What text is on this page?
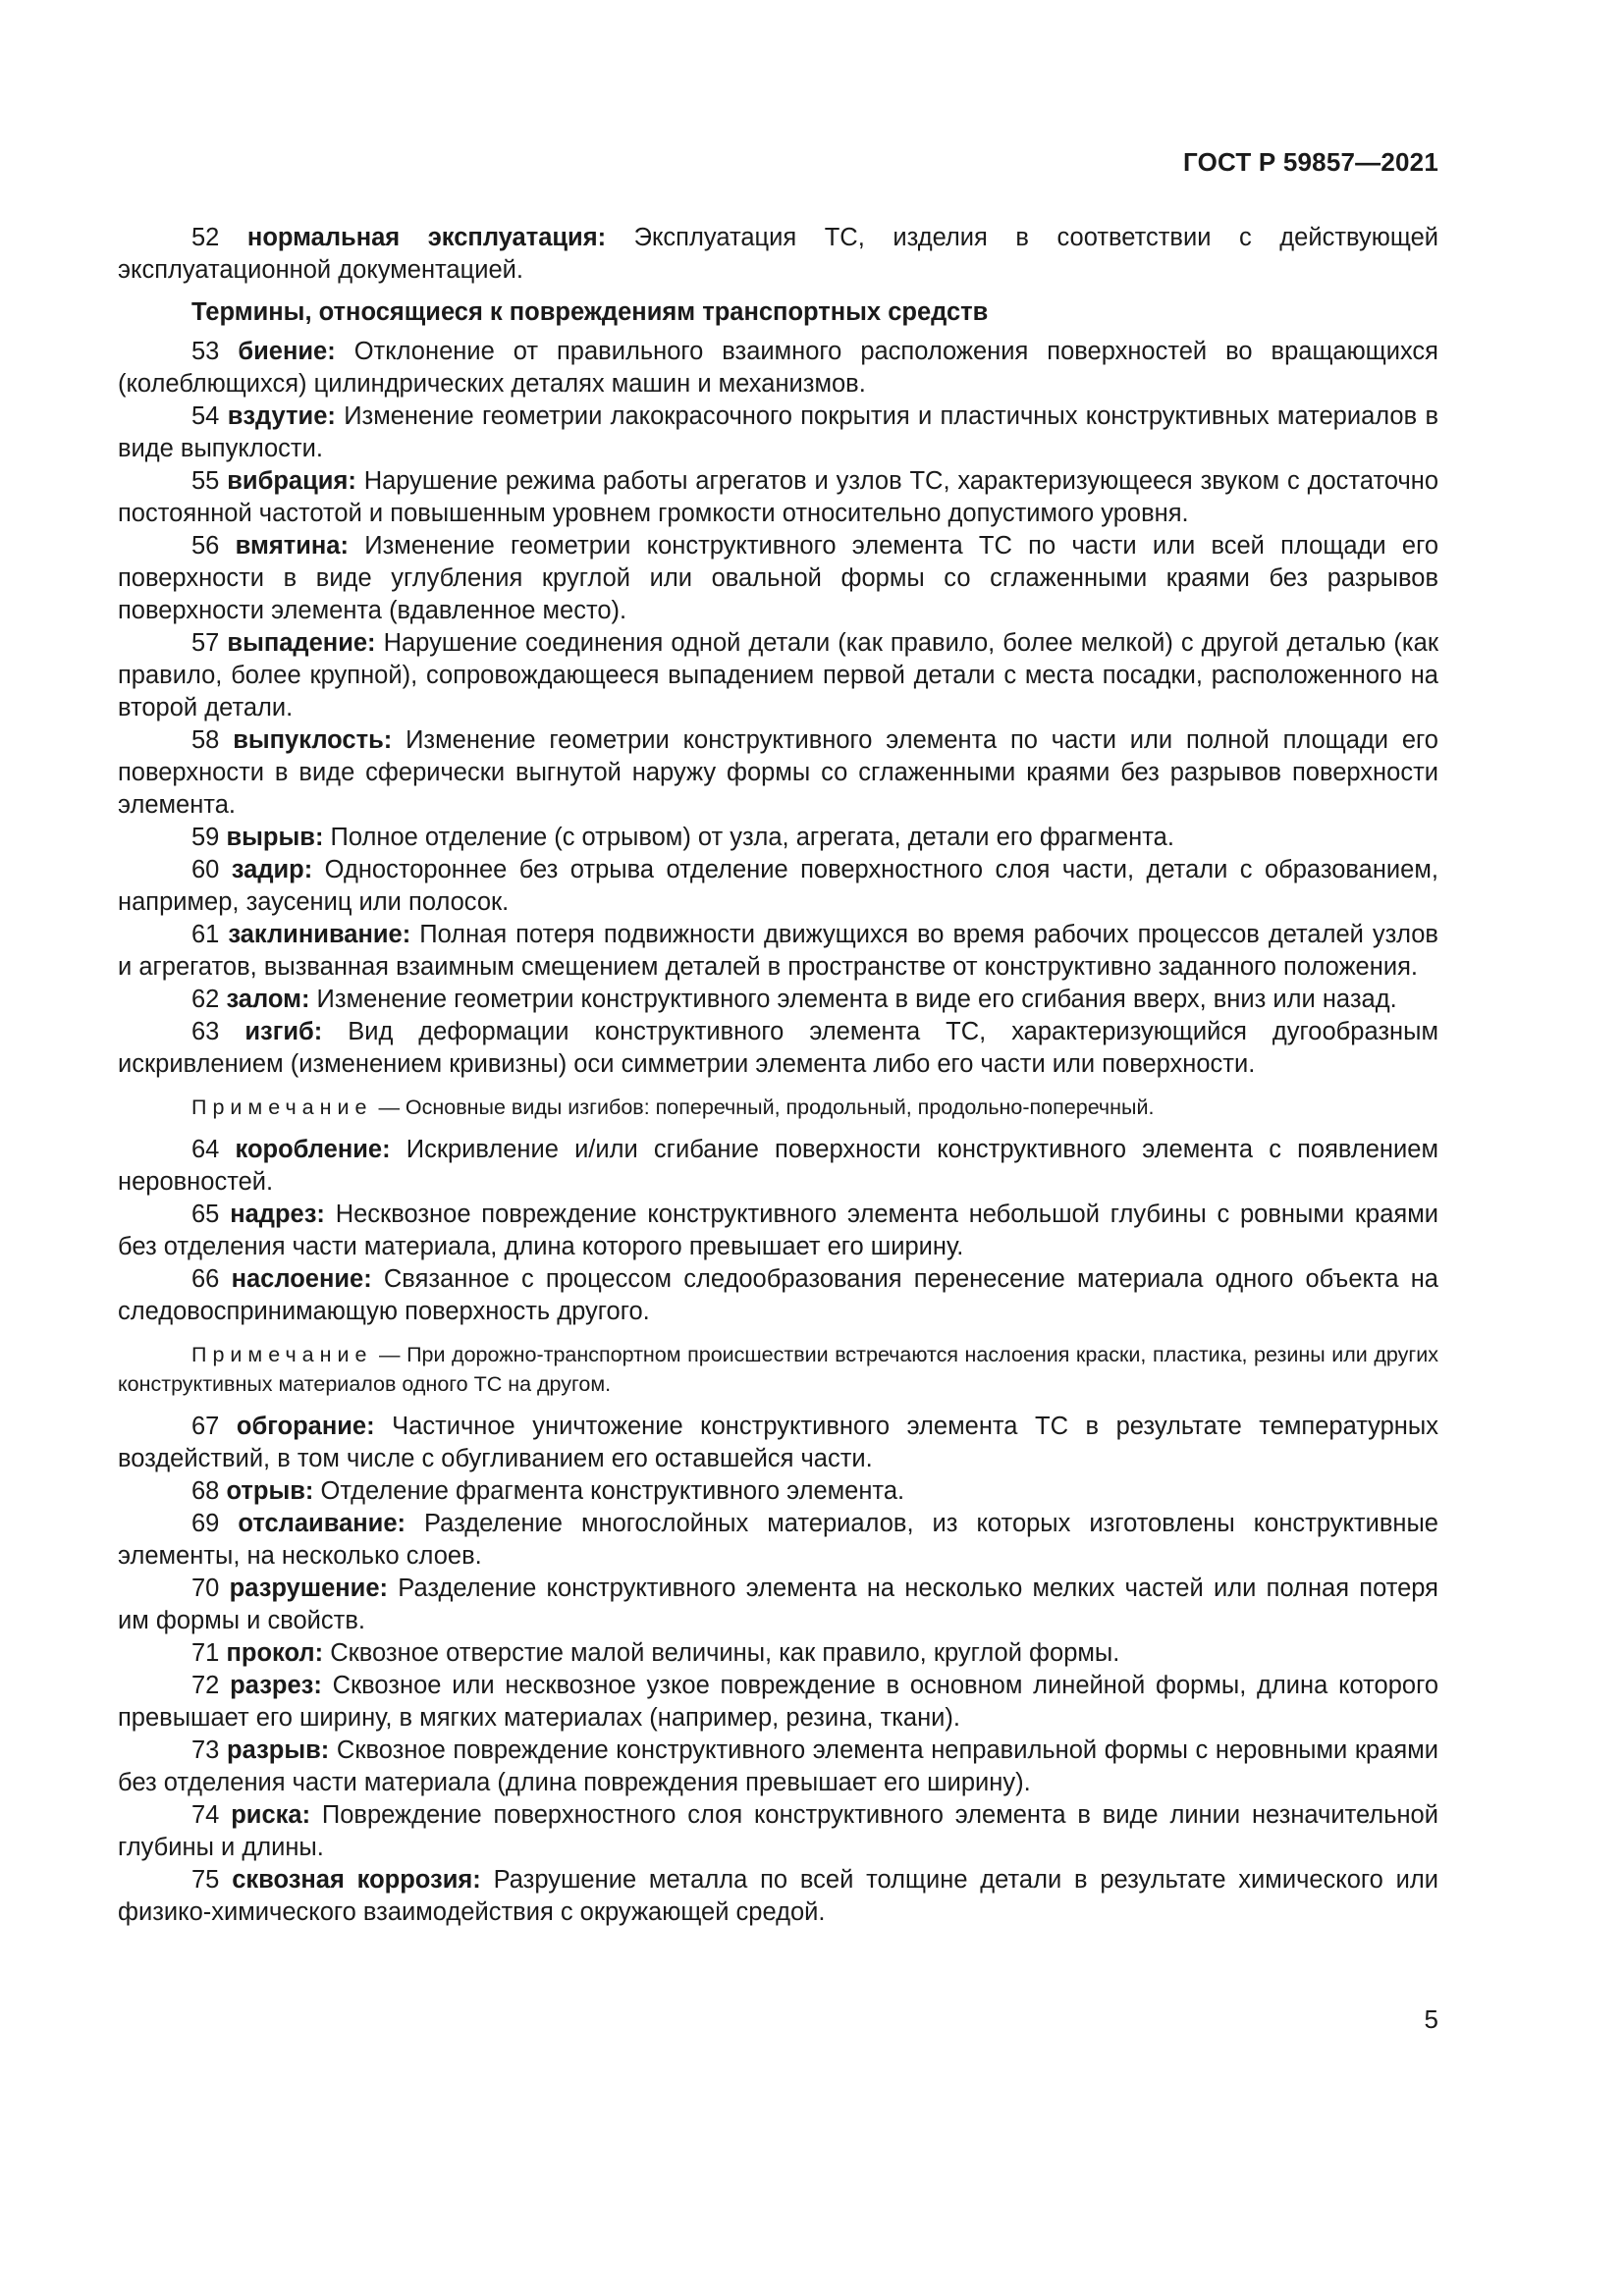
ГОСТ Р 59857—2021

52 нормальная эксплуатация: Эксплуатация ТС, изделия в соответствии с действующей эксплуатационной документацией.

Термины, относящиеся к повреждениям транспортных средств

53 биение: Отклонение от правильного взаимного расположения поверхностей во вращающихся (колеблющихся) цилиндрических деталях машин и механизмов.

54 вздутие: Изменение геометрии лакокрасочного покрытия и пластичных конструктивных материалов в виде выпуклости.

55 вибрация: Нарушение режима работы агрегатов и узлов ТС, характеризующееся звуком с достаточно постоянной частотой и повышенным уровнем громкости относительно допустимого уровня.

56 вмятина: Изменение геометрии конструктивного элемента ТС по части или всей площади его поверхности в виде углубления круглой или овальной формы со сглаженными краями без разрывов поверхности элемента (вдавленное место).

57 выпадение: Нарушение соединения одной детали (как правило, более мелкой) с другой деталью (как правило, более крупной), сопровождающееся выпадением первой детали с места посадки, расположенного на второй детали.

58 выпуклость: Изменение геометрии конструктивного элемента по части или полной площади его поверхности в виде сферически выгнутой наружу формы со сглаженными краями без разрывов поверхности элемента.

59 вырыв: Полное отделение (с отрывом) от узла, агрегата, детали его фрагмента.

60 задир: Одностороннее без отрыва отделение поверхностного слоя части, детали с образованием, например, заусениц или полосок.

61 заклинивание: Полная потеря подвижности движущихся во время рабочих процессов деталей узлов и агрегатов, вызванная взаимным смещением деталей в пространстве от конструктивно заданного положения.

62 залом: Изменение геометрии конструктивного элемента в виде его сгибания вверх, вниз или назад.

63 изгиб: Вид деформации конструктивного элемента ТС, характеризующийся дугообразным искривлением (изменением кривизны) оси симметрии элемента либо его части или поверхности.

Примечание — Основные виды изгибов: поперечный, продольный, продольно-поперечный.

64 коробление: Искривление и/или сгибание поверхности конструктивного элемента с появлением неровностей.

65 надрез: Несквозное повреждение конструктивного элемента небольшой глубины с ровными краями без отделения части материала, длина которого превышает его ширину.

66 наслоение: Связанное с процессом следообразования перенесение материала одного объекта на следовоспринимающую поверхность другого.

Примечание — При дорожно-транспортном происшествии встречаются наслоения краски, пластика, резины или других конструктивных материалов одного ТС на другом.

67 обгорание: Частичное уничтожение конструктивного элемента ТС в результате температурных воздействий, в том числе с обугливанием его оставшейся части.

68 отрыв: Отделение фрагмента конструктивного элемента.

69 отслаивание: Разделение многослойных материалов, из которых изготовлены конструктивные элементы, на несколько слоев.

70 разрушение: Разделение конструктивного элемента на несколько мелких частей или полная потеря им формы и свойств.

71 прокол: Сквозное отверстие малой величины, как правило, круглой формы.

72 разрез: Сквозное или несквозное узкое повреждение в основном линейной формы, длина которого превышает его ширину, в мягких материалах (например, резина, ткани).

73 разрыв: Сквозное повреждение конструктивного элемента неправильной формы с неровными краями без отделения части материала (длина повреждения превышает его ширину).

74 риска: Повреждение поверхностного слоя конструктивного элемента в виде линии незначительной глубины и длины.

75 сквозная коррозия: Разрушение металла по всей толщине детали в результате химического или физико-химического взаимодействия с окружающей средой.

5
